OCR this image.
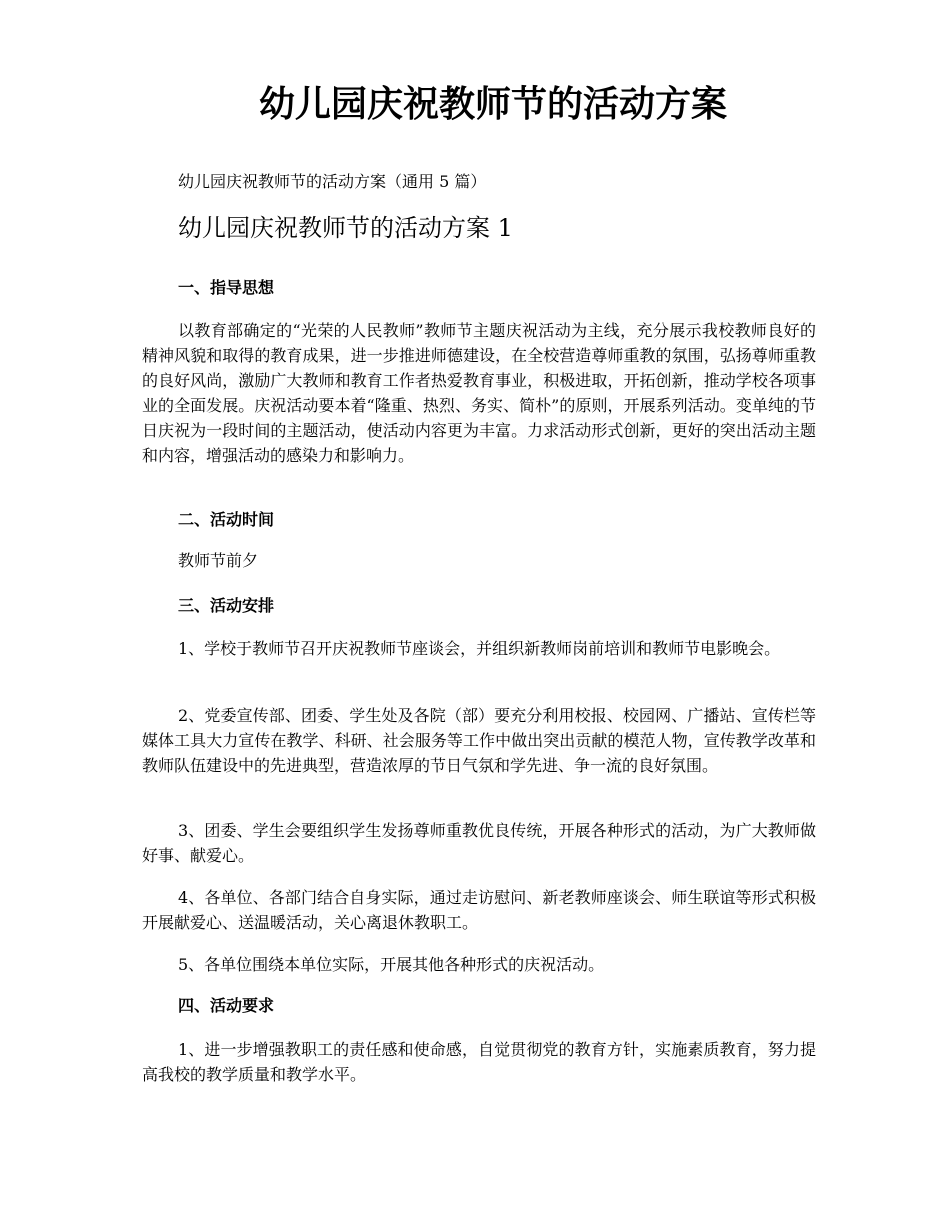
幼儿园庆祝教师节的活动方案

幼儿园庆祝教师节的活动方案（通用 5 篇）

幼儿园庆祝教师节的活动方案 1
一、指导思想

以教育部确定的“光荣的人民教师”教师节主题庆祝活动为主线，充分展示我校教师良好的精神风貌和取得的教育成果，进一步推进师德建设，在全校营造尊师重教的氛围，弘扬尊师重教的良好风尚，激励广大教师和教育工作者热爱教育事业，积极进取，开拓创新，推动学校各项事业的全面发展。庆祝活动要本着“隆重、热烈、务实、简朴”的原则，开展系列活动。变单纯的节日庆祝为一段时间的主题活动，使活动内容更为丰富。力求活动形式创新，更好的突出活动主题和内容，增强活动的感染力和影响力。

二、活动时间

教师节前夕

三、活动安排

1、学校于教师节召开庆祝教师节座谈会，并组织新教师岗前培训和教师节电影晚会。

2、党委宣传部、团委、学生处及各院（部）要充分利用校报、校园网、广播站、宣传栏等媒体工具大力宣传在教学、科研、社会服务等工作中做出突出贡献的模范人物，宣传教学改革和教师队伍建设中的先进典型，营造浓厚的节日气氛和学先进、争一流的良好氛围。

3、团委、学生会要组织学生发扬尊师重教优良传统，开展各种形式的活动，为广大教师做好事、献爱心。

4、各单位、各部门结合自身实际，通过走访慰问、新老教师座谈会、师生联谊等形式积极开展献爱心、送温暖活动，关心离退休教职工。

5、各单位围绕本单位实际，开展其他各种形式的庆祝活动。

四、活动要求

1、进一步增强教职工的责任感和使命感，自觉贯彻党的教育方针，实施素质教育，努力提高我校的教学质量和教学水平。
